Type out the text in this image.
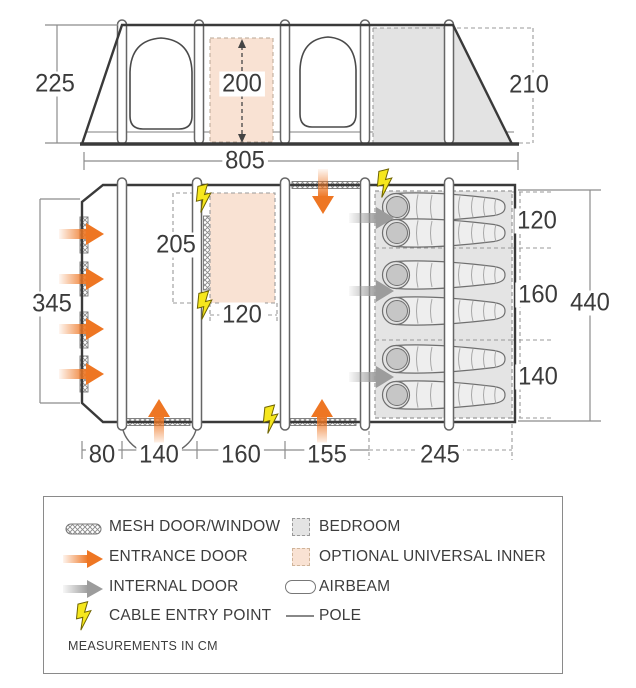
225	200	210
805
345
205
120
120
160
140
440
80 140 160 155	245
MESH DOOR/WINDOW
ENTRANCE DOOR
INTERNAL DOOR
CABLE ENTRY POINT
BEDROOM
OPTIONAL UNIVERSAL INNER
AIRBEAM
POLE
MEASUREMENTS IN CM
